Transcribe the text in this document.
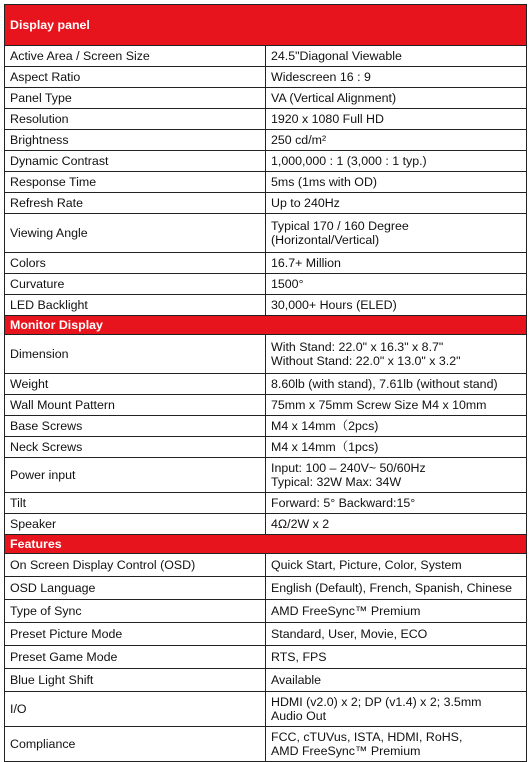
Display panel	
Active Area / Screen Size	24.5"Diagonal Viewable

Aspect Ratio	Widescreen 16 : 9

Panel Type	VA (Vertical Alignment)

Resolution	1920 x 1080 Full HD

Brightness	250 cd/m²

Dynamic Contrast	1,000,000 : 1 (3,000 : 1 typ.)

Response Time	5ms (1ms with OD)

Refresh Rate	Up to 240Hz

Viewing Angle	Typical 170 / 160 Degree
(Horizontal/Vertical)

Colors	16.7+ Million

Curvature	1500°

LED Backlight	30,000+ Hours (ELED)

Monitor Display	
Dimension	With Stand: 22.0" x 16.3" x 8.7"
Without Stand: 22.0" x 13.0" x 3.2"

Weight	8.60lb (with stand), 7.61lb (without stand)

Wall Mount Pattern	75mm x 75mm Screw Size M4 x 10mm

Base Screws	M4 x 14mm（2pcs)

Neck Screws	M4 x 14mm（1pcs)

Power input	Input: 100 – 240V~ 50/60Hz
Typical: 32W Max: 34W

Tilt	Forward: 5° Backward:15°

Speaker	4Ω/2W x 2

Features	
On Screen Display Control (OSD)	Quick Start, Picture, Color, System

OSD Language	English (Default), French, Spanish, Chinese

Type of Sync	AMD FreeSync™ Premium

Preset Picture Mode	Standard, User, Movie, ECO

Preset Game Mode	RTS, FPS

Blue Light Shift	Available

I/O	HDMI (v2.0) x 2; DP (v1.4) x 2; 3.5mm
Audio Out

Compliance	FCC, cTUVus, ISTA, HDMI, RoHS,
AMD FreeSync™ Premium
